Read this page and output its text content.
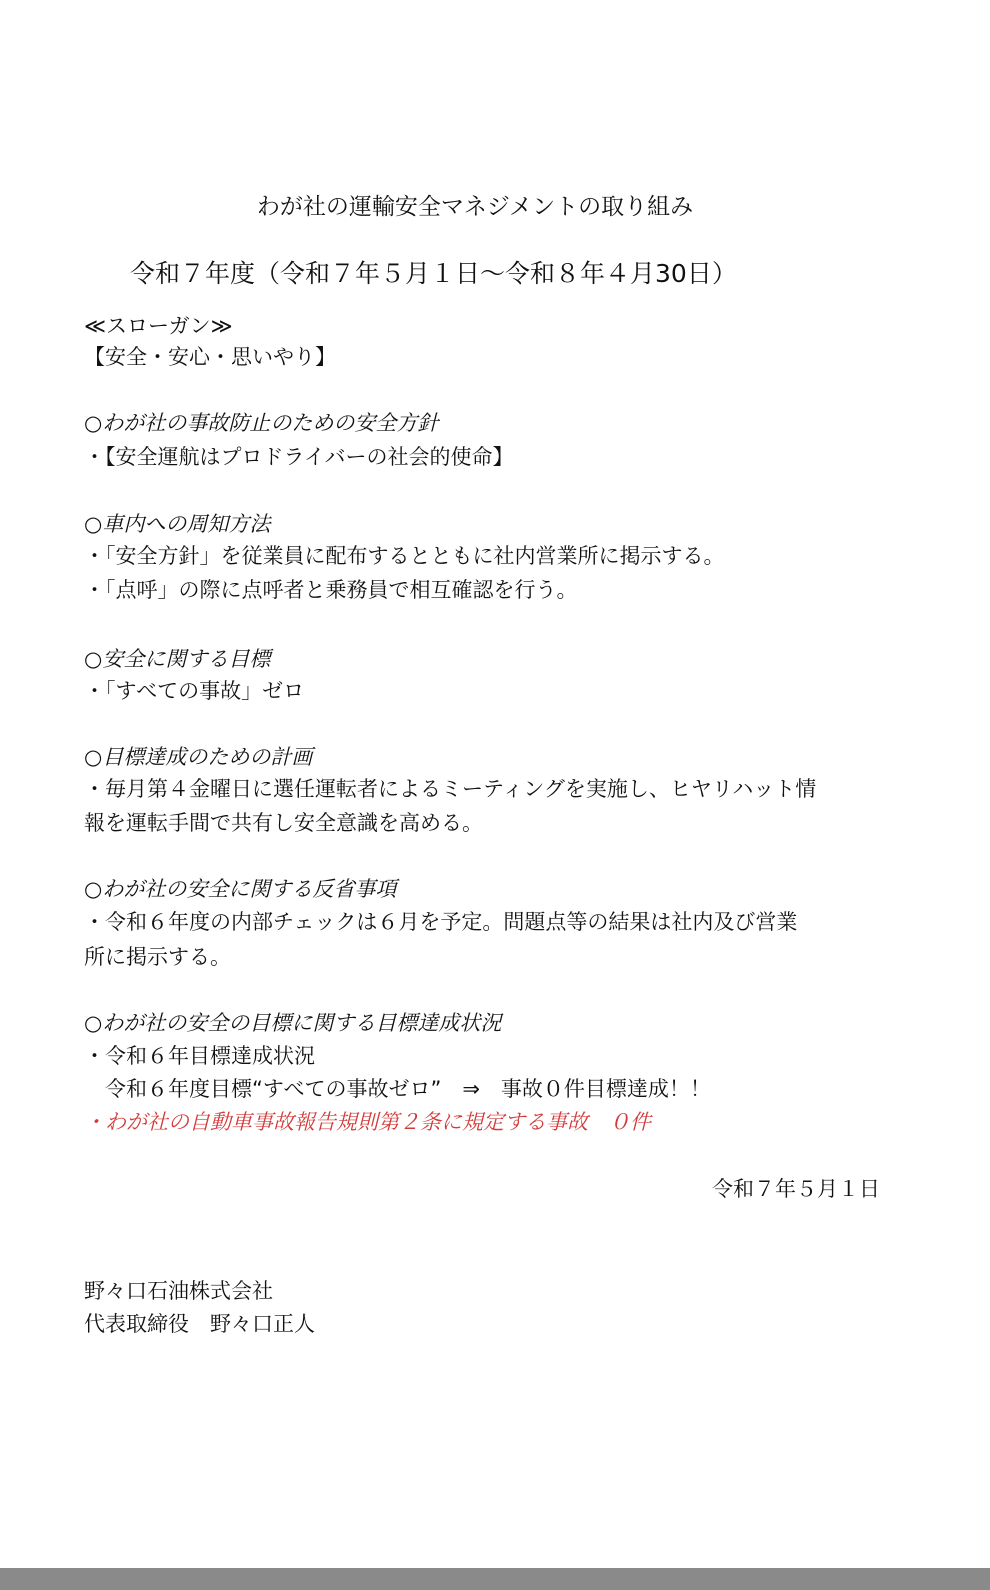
わが社の運輸安全マネジメントの取り組み
令和７年度（令和７年５月１日～令和８年４月30日）
≪スローガン≫
【安全・安心・思いやり】
○わが社の事故防止のための安全方針
・【安全運航はプロドライバーの社会的使命】
○車内への周知方法
・「安全方針」を従業員に配布するとともに社内営業所に掲示する。
・「点呼」の際に点呼者と乗務員で相互確認を行う。
○安全に関する目標
・「すべての事故」ゼロ
○目標達成のための計画
・毎月第４金曜日に選任運転者によるミーティングを実施し、ヒヤリハット情
報を運転手間で共有し安全意識を高める。
○わが社の安全に関する反省事項
・令和６年度の内部チェックは６月を予定。問題点等の結果は社内及び営業
所に掲示する。
○わが社の安全の目標に関する目標達成状況
・令和６年目標達成状況
　令和６年度目標“すべての事故ゼロ”　⇒　事故０件目標達成！！
・わが社の自動車事故報告規則第２条に規定する事故　０件
令和７年５月１日
野々口石油株式会社
代表取締役　野々口正人
